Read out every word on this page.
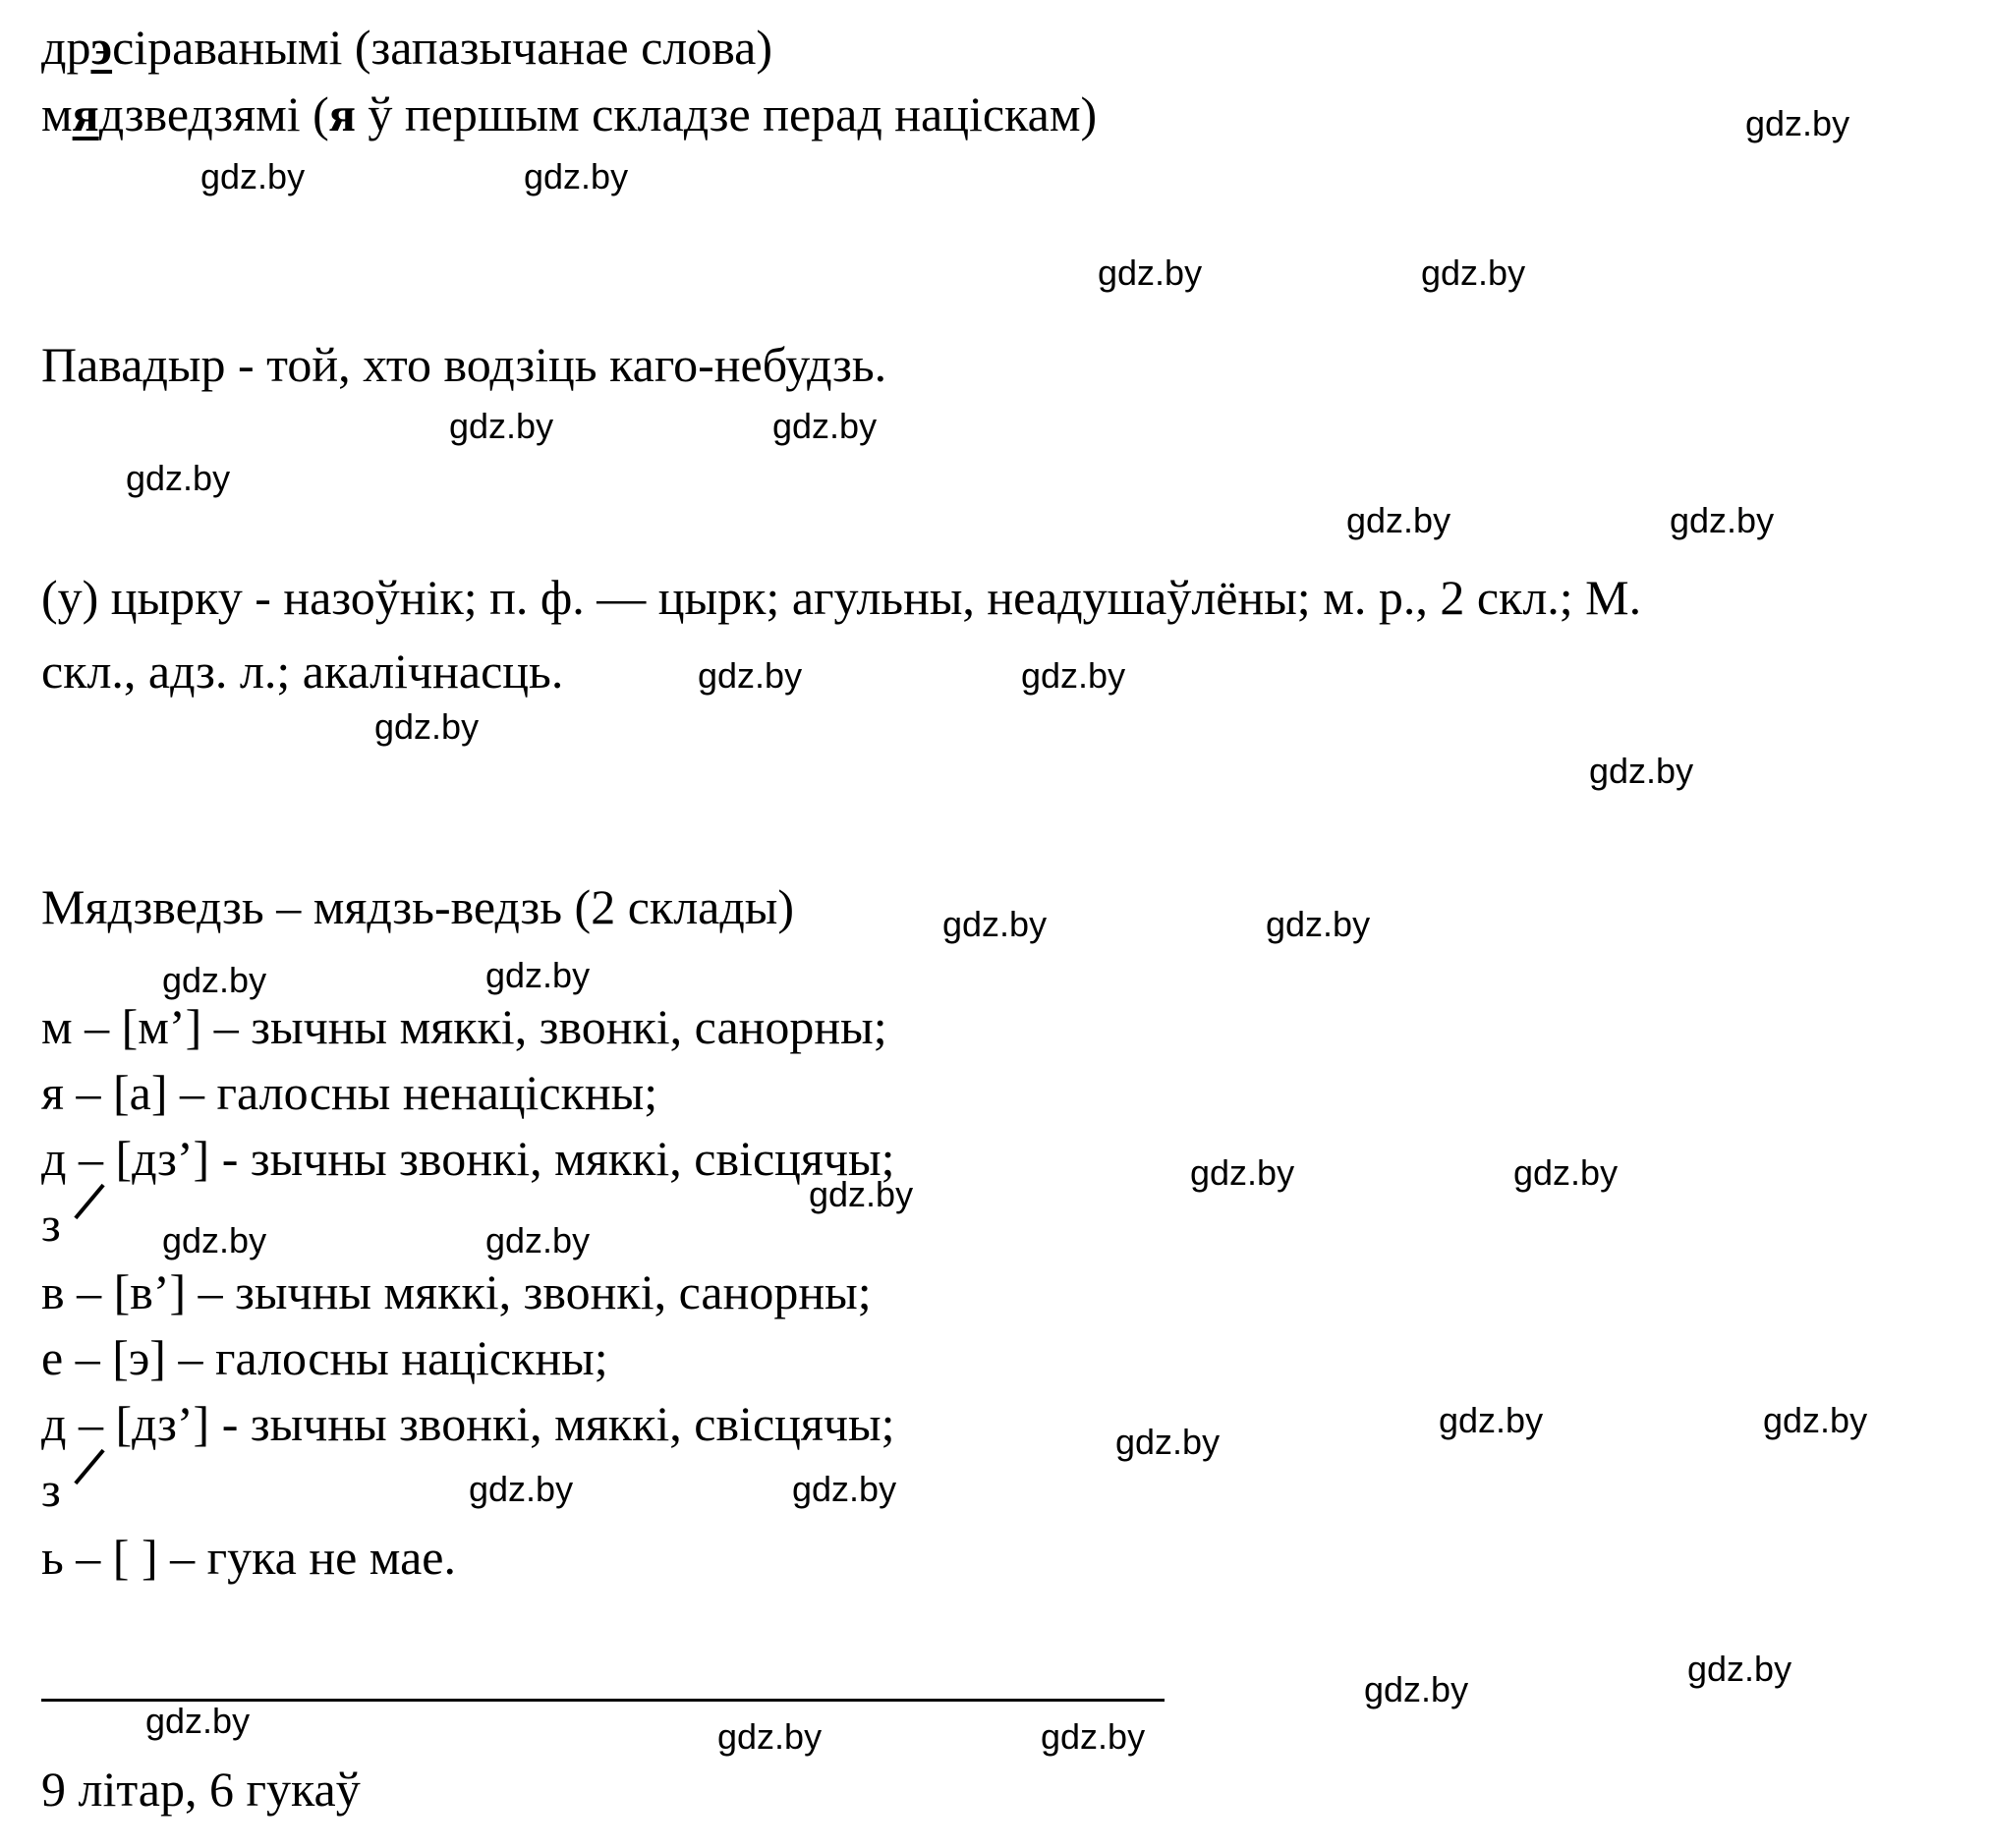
дрэсіраванымі (запазычанае слова)
мядзведзямі (я ў першым складзе перад націскам)
Павадыр - той, хто водзіць каго-небудзь.
(у) цырку - назоўнік; п. ф. — цырк; агульны, неадушаўлёны; м. р., 2 скл.; М.
скл., адз. л.; акалічнасць.
Мядзведзь – мядзь-ведзь (2 склады)
м – [м’] – зычны мяккі, звонкі, санорны;
я – [а] – галосны ненаціскны;
д – [дз’] - зычны звонкі, мяккі, свісцячы;
з
в – [в’] – зычны мяккі, звонкі, санорны;
е – [э] – галосны націскны;
д – [дз’] - зычны звонкі, мяккі, свісцячы;
з
ь – [ ] – гука не мае.
9 літар, 6 гукаў
gdz.by
gdz.by	gdz.by
gdz.by	gdz.by
gdz.by	gdz.by
gdz.by
gdz.by	gdz.by
gdz.by	gdz.by
gdz.by
gdz.by
gdz.by	gdz.by
gdz.by	gdz.by
gdz.by	gdz.by
gdz.by
gdz.by	gdz.by
gdz.by	gdz.by
gdz.by
gdz.by	gdz.by
gdz.by
gdz.by
gdz.by	gdz.by	gdz.by
